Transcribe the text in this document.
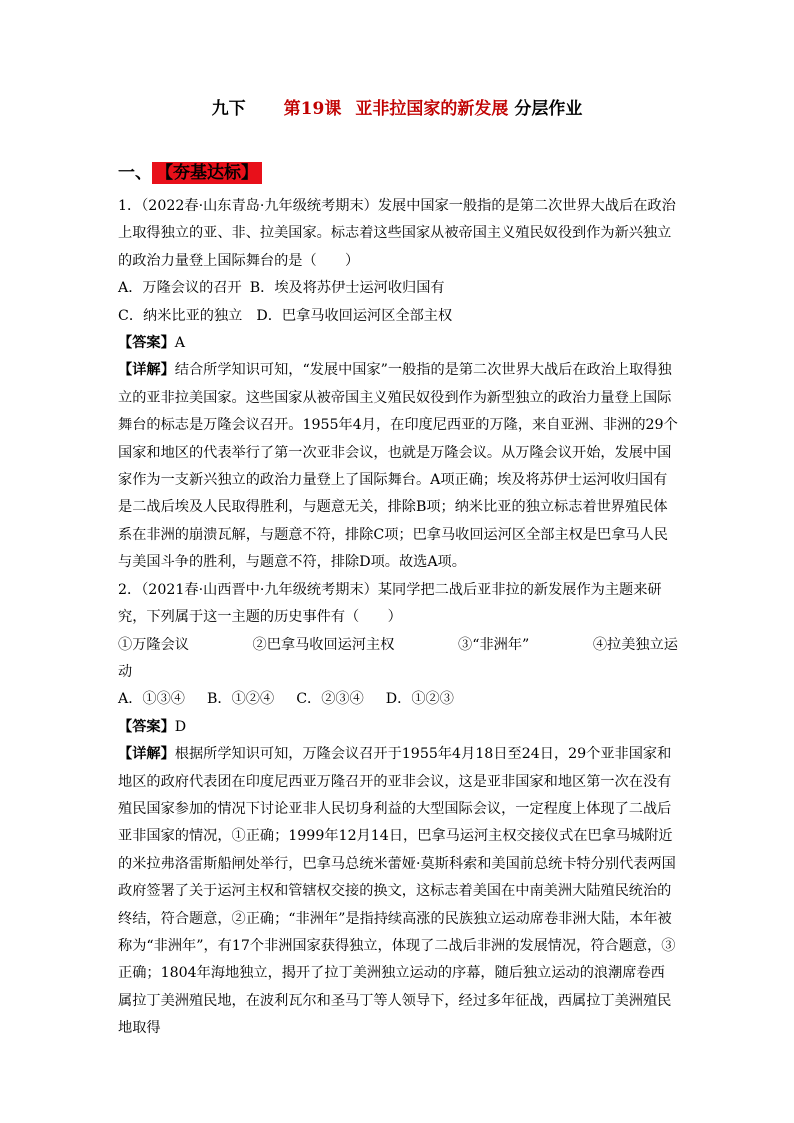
九下 第19课 亚非拉国家的新发展 分层作业
一、 【夯基达标】

1．（2022春·山东青岛·九年级统考期末）发展中国家一般指的是第二次世界大战后在政治上取得独立的亚、非、拉美国家。标志着这些国家从被帝国主义殖民奴役到作为新兴独立的政治力量登上国际舞台的是（　　）

A．万隆会议的召开 B．埃及将苏伊士运河收归国有

C．纳米比亚的独立 D．巴拿马收回运河区全部主权

【答案】A

【详解】结合所学知识可知，“发展中国家”一般指的是第二次世界大战后在政治上取得独立的亚非拉美国家。这些国家从被帝国主义殖民奴役到作为新型独立的政治力量登上国际舞台的标志是万隆会议召开。1955年4月，在印度尼西亚的万隆，来自亚洲、非洲的29个国家和地区的代表举行了第一次亚非会议，也就是万隆会议。从万隆会议开始，发展中国家作为一支新兴独立的政治力量登上了国际舞台。A项正确；埃及将苏伊士运河收归国有是二战后埃及人民取得胜利，与题意无关，排除B项；纳米比亚的独立标志着世界殖民体系在非洲的崩溃瓦解，与题意不符，排除C项；巴拿马收回运河区全部主权是巴拿马人民与美国斗争的胜利，与题意不符，排除D项。故选A项。

2．（2021春·山西晋中·九年级统考期末）某同学把二战后亚非拉的新发展作为主题来研究，下列属于这一主题的历史事件有（　　）

①万隆会议	②巴拿马收回运河主权	③“非洲年”	④拉美独立运

动

A．①③④ B．①②④ C．②③④ D．①②③

【答案】D

【详解】根据所学知识可知，万隆会议召开于1955年4月18日至24日，29个亚非国家和地区的政府代表团在印度尼西亚万隆召开的亚非会议，这是亚非国家和地区第一次在没有殖民国家参加的情况下讨论亚非人民切身利益的大型国际会议，一定程度上体现了二战后亚非国家的情况，①正确；1999年12月14日，巴拿马运河主权交接仪式在巴拿马城附近的米拉弗洛雷斯船闸处举行，巴拿马总统米蕾娅·莫斯科索和美国前总统卡特分别代表两国政府签署了关于运河主权和管辖权交接的换文，这标志着美国在中南美洲大陆殖民统治的终结，符合题意，②正确；“非洲年”是指持续高涨的民族独立运动席卷非洲大陆，本年被称为“非洲年”，有17个非洲国家获得独立，体现了二战后非洲的发展情况，符合题意，③正确；1804年海地独立，揭开了拉丁美洲独立运动的序幕，随后独立运动的浪潮席卷西属拉丁美洲殖民地，在波利瓦尔和圣马丁等人领导下，经过多年征战，西属拉丁美洲殖民地取得
